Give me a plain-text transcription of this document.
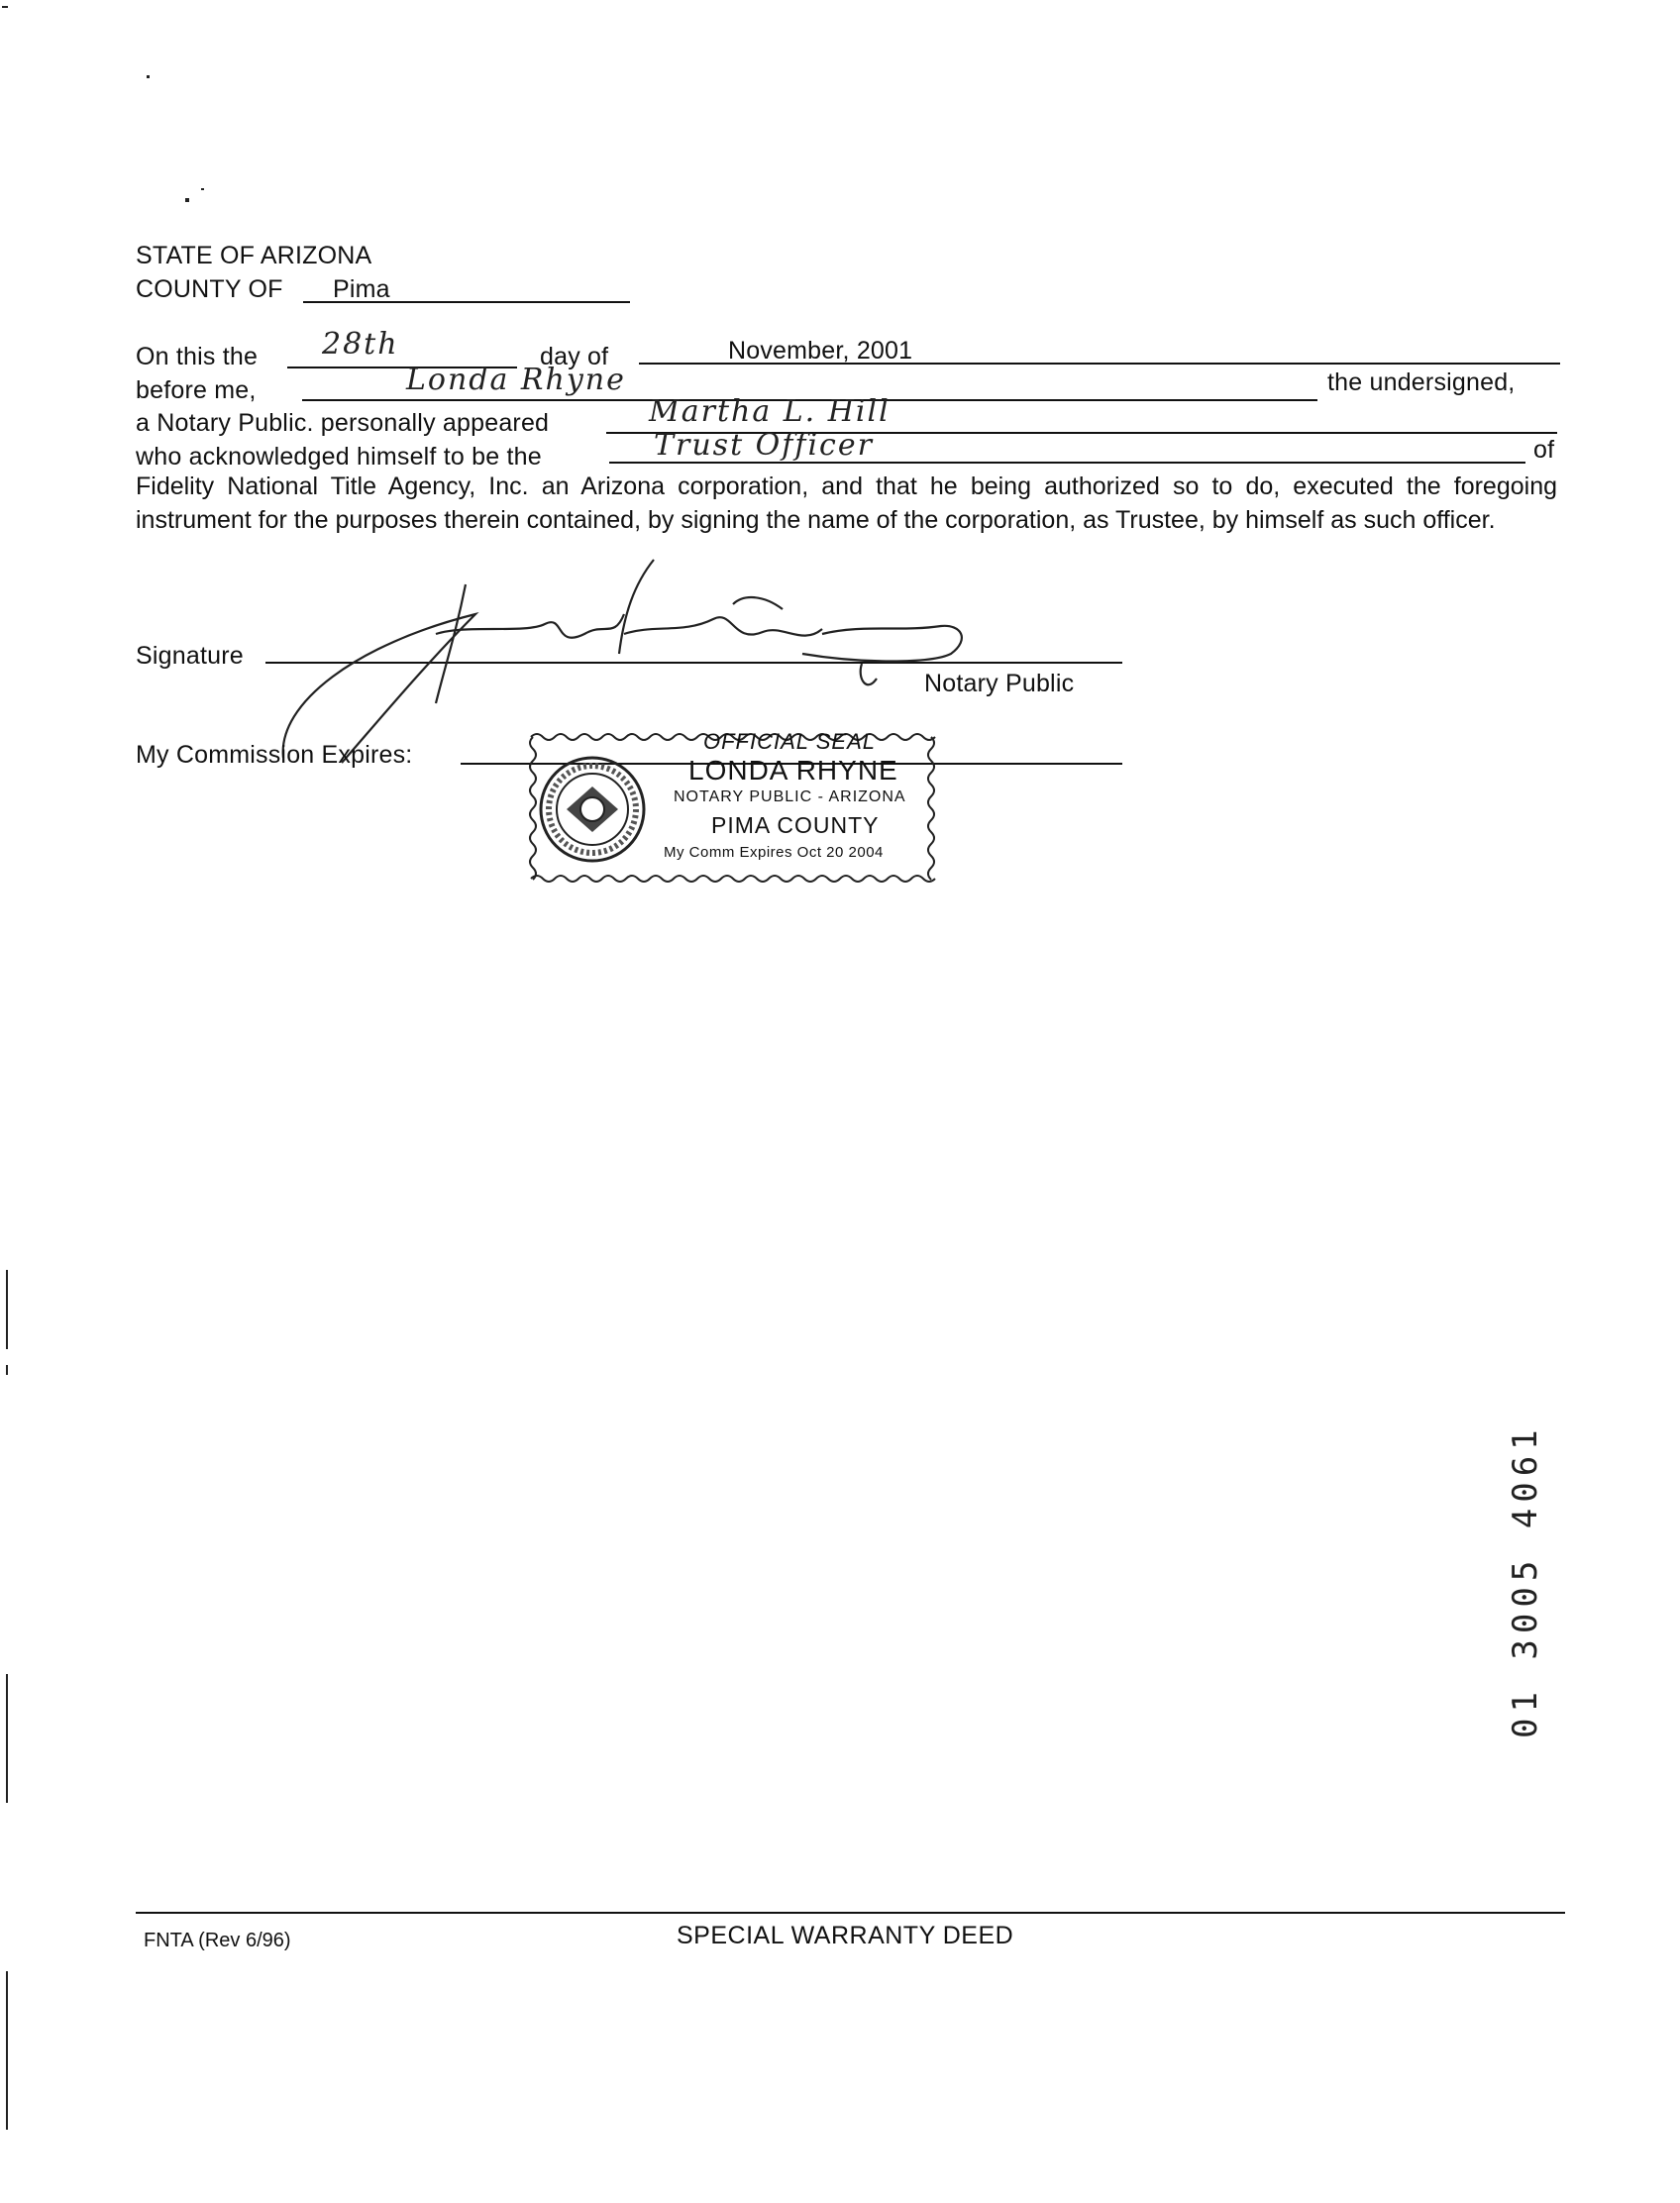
STATE OF ARIZONA
COUNTY OF Pima
On this the 28th	day of	November, 2001
before me,	Londa Rhyne	the undersigned,
a Notary Public. personally appeared	Martha L. Hill
who acknowledged himself to be the	Trust Officer	of
Fidelity National Title Agency, Inc. an Arizona corporation, and that he being authorized so to do, executed the foregoing instrument for the purposes therein contained, by signing the name of the corporation, as Trustee, by himself as such officer.
Signature
Notary Public
My Commission Expires:	OFFICIAL SEAL
LONDA RHYNE
NOTARY PUBLIC - ARIZONA
PIMA COUNTY
My Comm Expires Oct 20 2004
01 3005 4061
FNTA (Rev 6/96)	SPECIAL WARRANTY DEED
